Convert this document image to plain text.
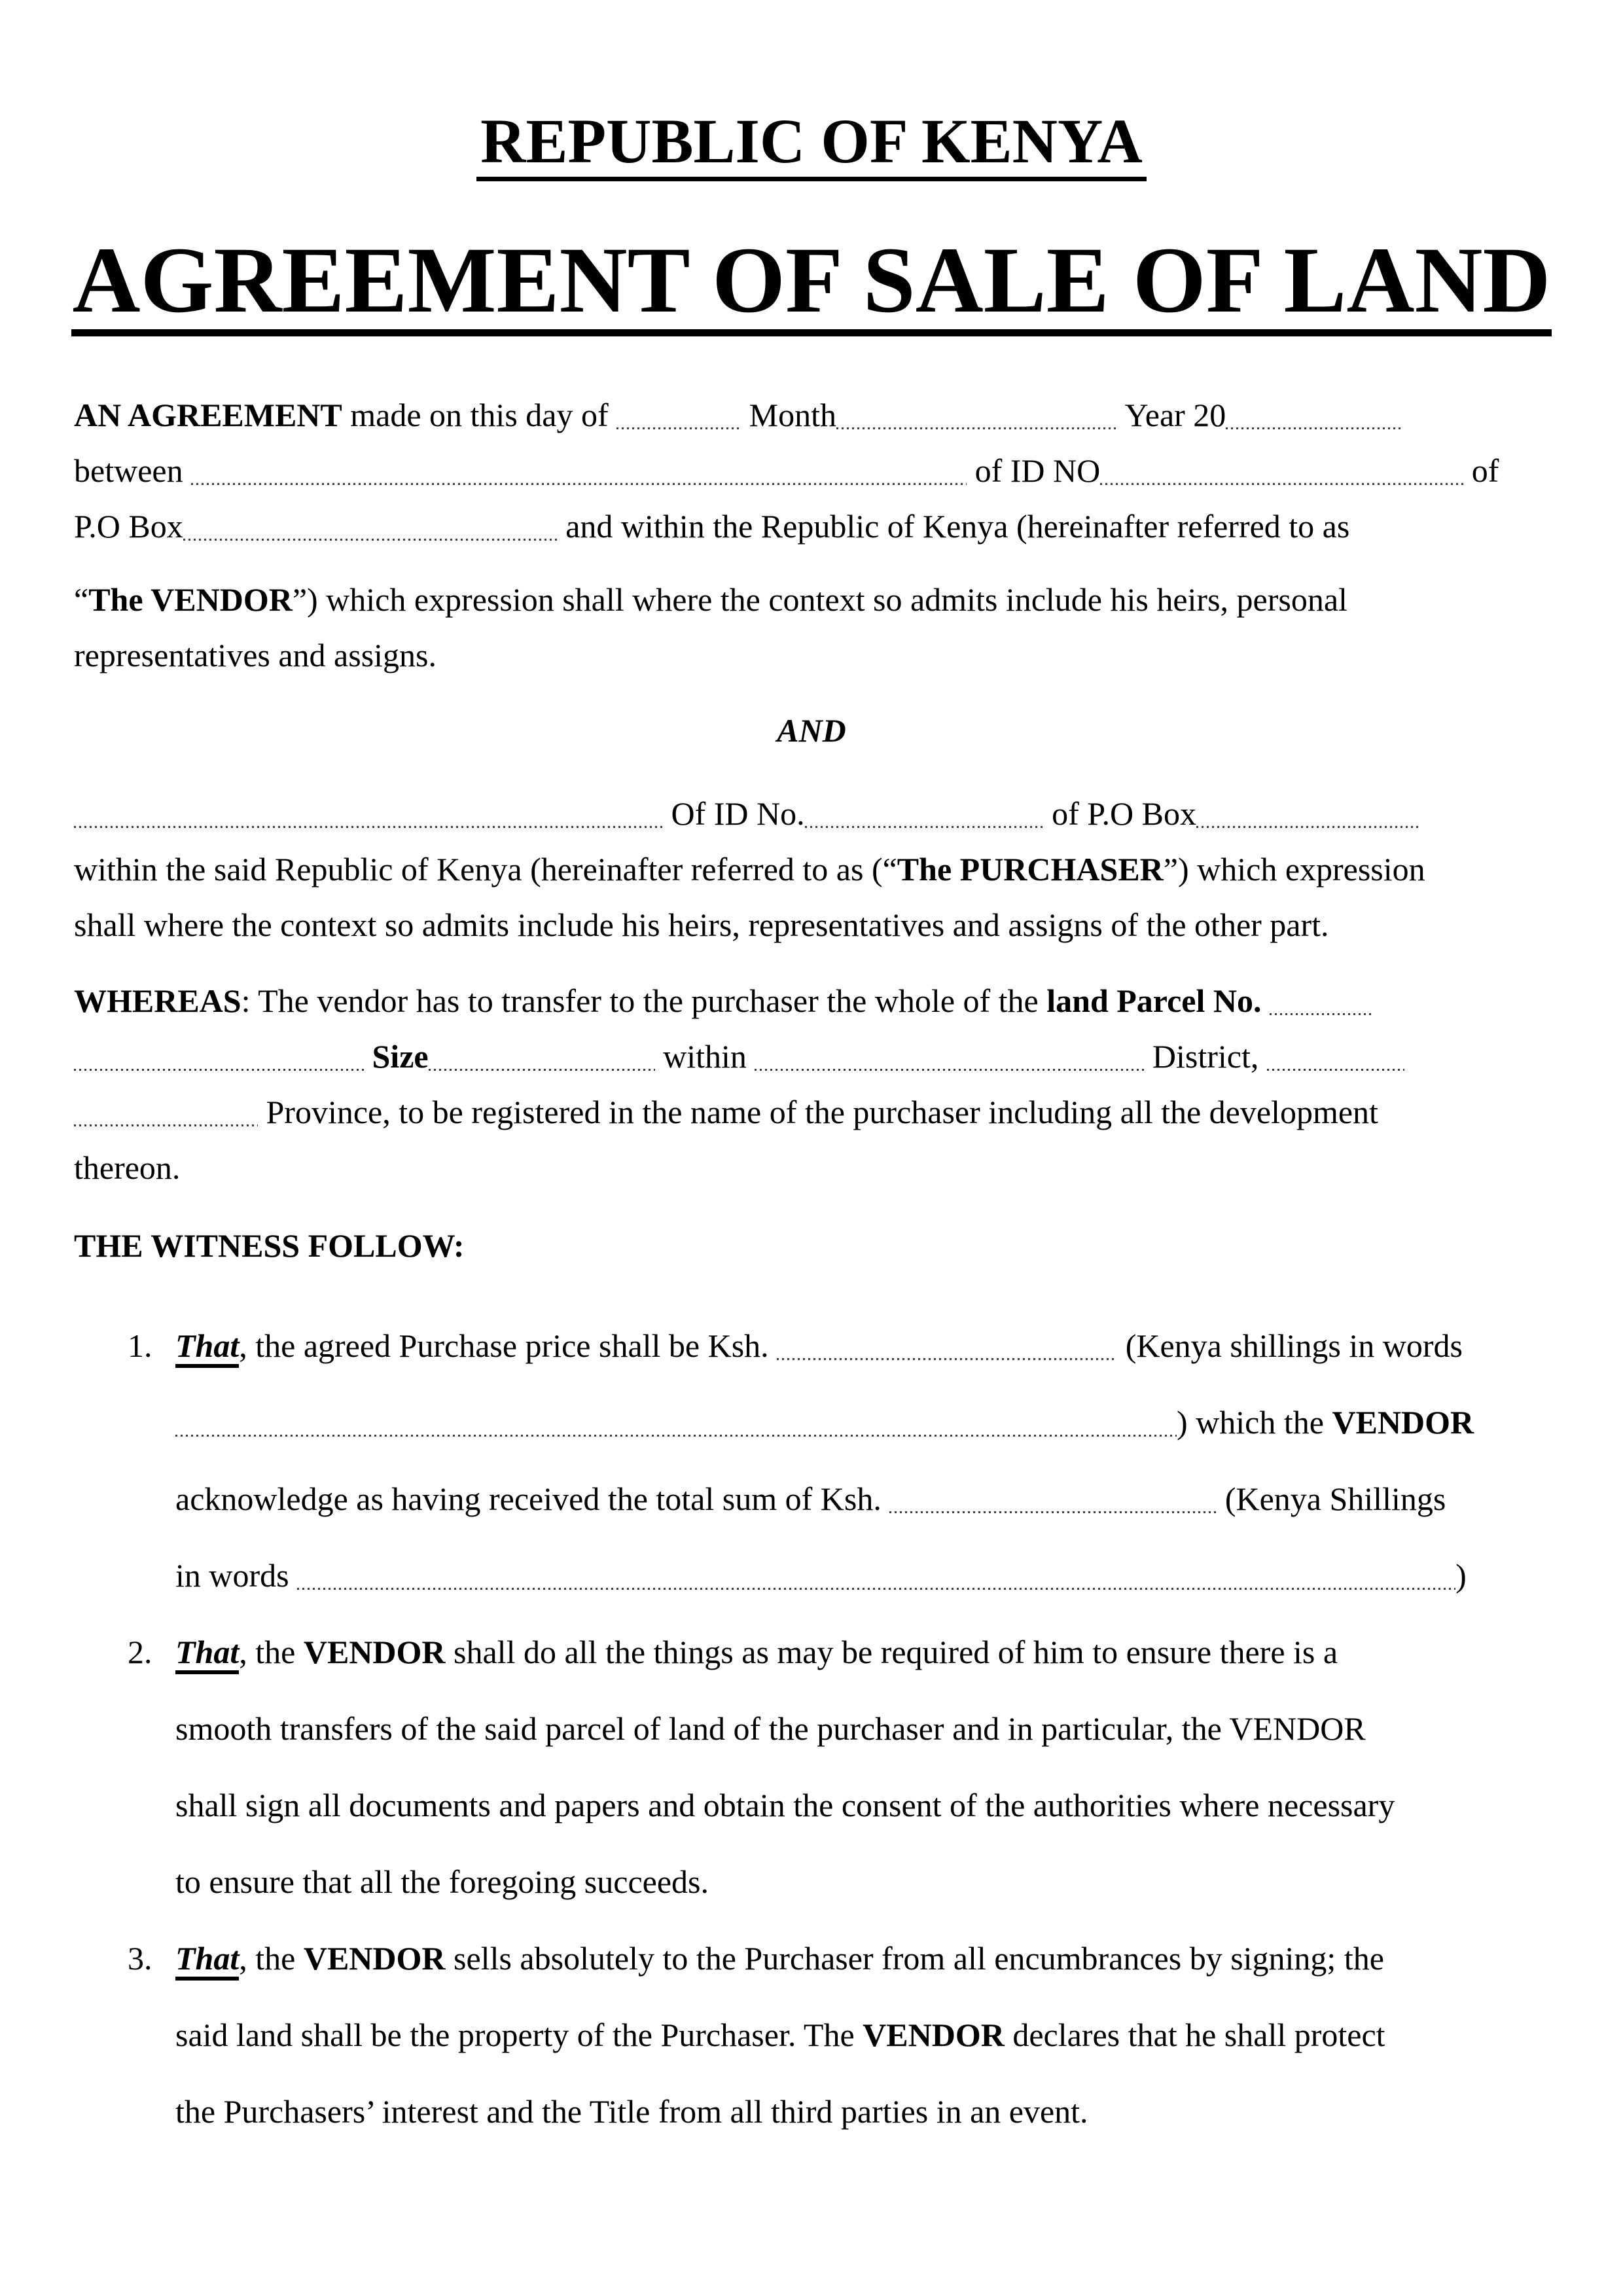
REPUBLIC OF KENYA
AGREEMENT OF SALE OF LAND
AN AGREEMENT made on this day of	Month	Year 20
between	of ID NO	of
P.O Box	and within the Republic of Kenya (hereinafter referred to as
“The VENDOR”) which expression shall where the context so admits include his heirs, personal
representatives and assigns.
AND
Of ID No.	of P.O Box
within the said Republic of Kenya (hereinafter referred to as (“The PURCHASER”) which expression
shall where the context so admits include his heirs, representatives and assigns of the other part.
WHEREAS: The vendor has to transfer to the purchaser the whole of the land Parcel No.
Size	within	District,
Province, to be registered in the name of the purchaser including all the development
thereon.
THE WITNESS FOLLOW:
1. That, the agreed Purchase price shall be Ksh.	(Kenya shillings in words
) which the VENDOR
acknowledge as having received the total sum of Ksh.	(Kenya Shillings
in words	)
2. That, the VENDOR shall do all the things as may be required of him to ensure there is a
smooth transfers of the said parcel of land of the purchaser and in particular, the VENDOR
shall sign all documents and papers and obtain the consent of the authorities where necessary
to ensure that all the foregoing succeeds.
3. That, the VENDOR sells absolutely to the Purchaser from all encumbrances by signing; the
said land shall be the property of the Purchaser. The VENDOR declares that he shall protect
the Purchasers’ interest and the Title from all third parties in an event.
